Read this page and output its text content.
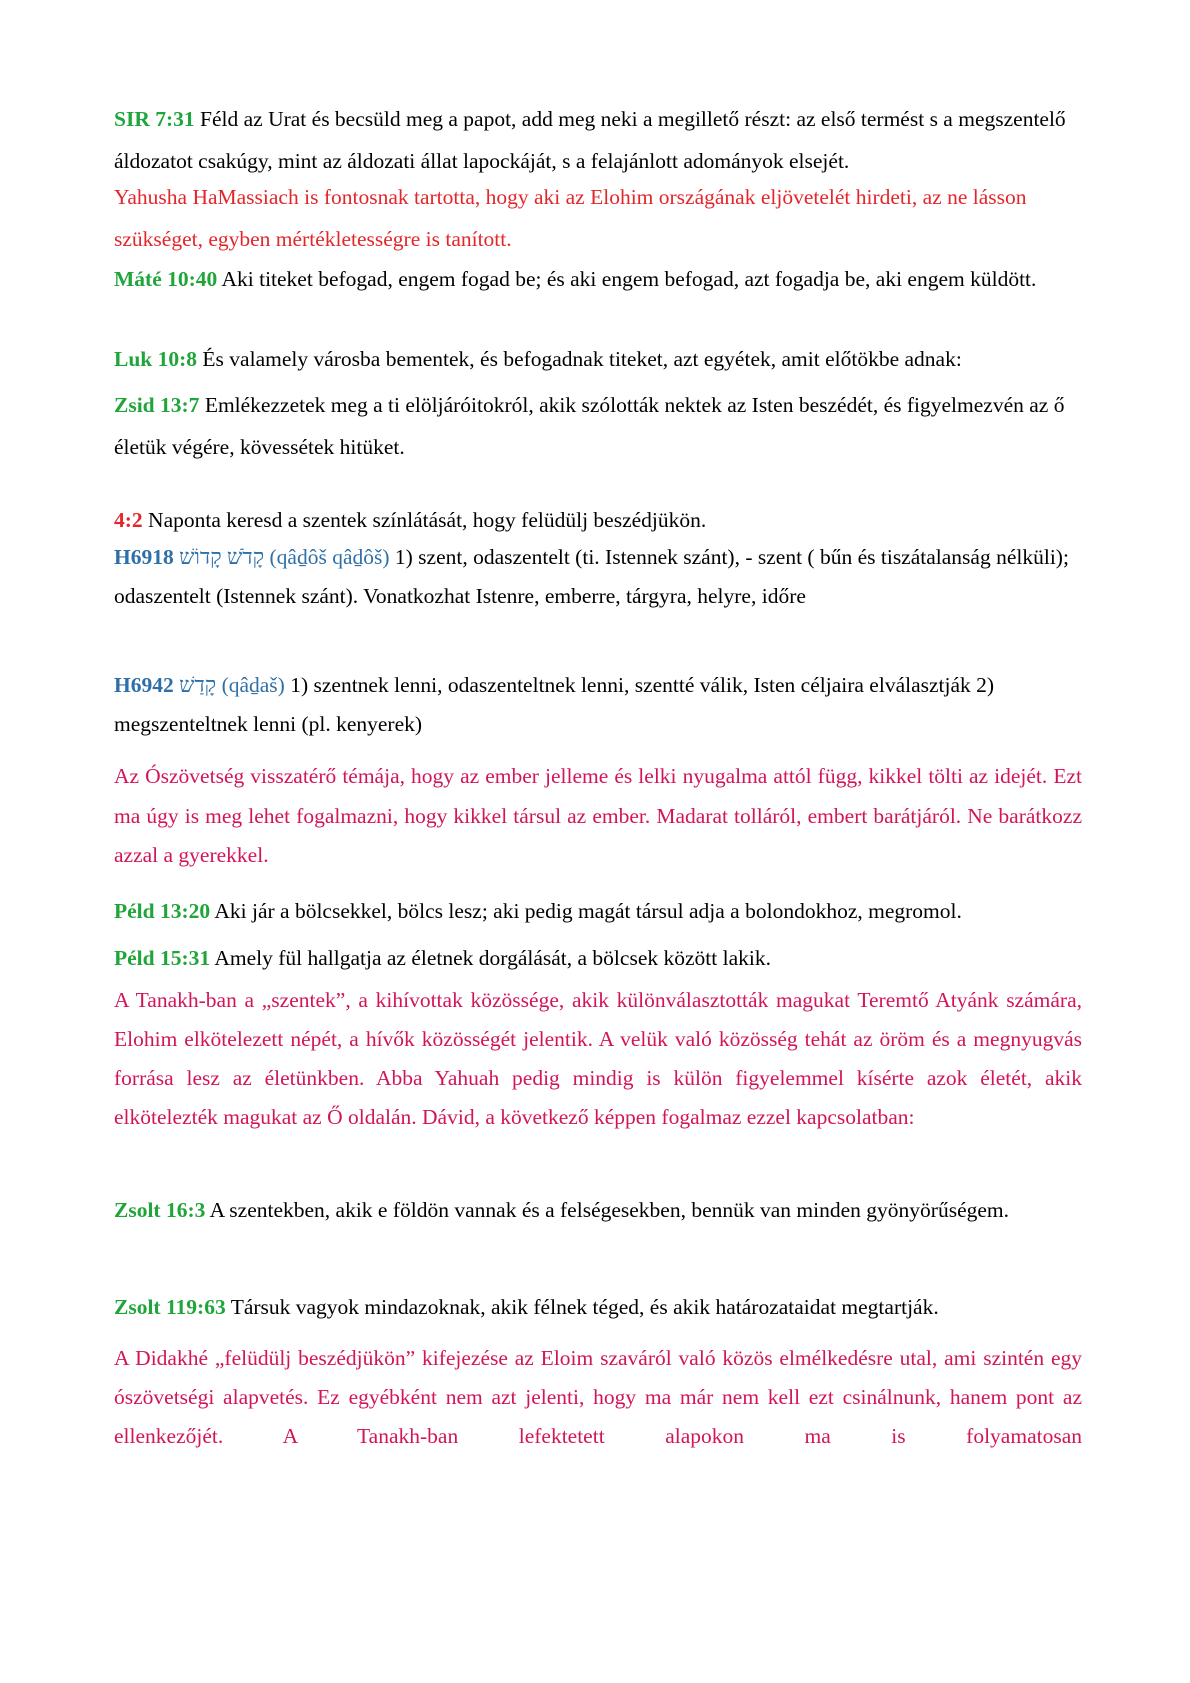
SIR 7:31 Féld az Urat és becsüld meg a papot, add meg neki a megillető részt: az első termést s a megszentelő áldozatot csakúgy, mint az áldozati állat lapockáját, s a felajánlott adományok elsejét.

Yahusha HaMassiach is fontosnak tartotta, hogy aki az Elohim országának eljövetelét hirdeti, az ne lásson szükséget, egyben mértékletességre is tanított.

Máté 10:40 Aki titeket befogad, engem fogad be; és aki engem befogad, azt fogadja be, aki engem küldött.

Luk 10:8 És valamely városba bementek, és befogadnak titeket, azt egyétek, amit előtökbe adnak:

Zsid 13:7 Emlékezzetek meg a ti elöljáróitokról, akik szólották nektek az Isten beszédét, és figyelmezvén az ő életük végére, kövessétek hitüket.

4:2 Naponta keresd a szentek színlátását, hogy felüdülj beszédjükön.

H6918 קָדֹשׁ קָדוֹשׁ (qâḏôš qâḏôš) 1) szent, odaszentelt (ti. Istennek szánt), - szent ( bűn és tiszátalanság nélküli); odaszentelt (Istennek szánt). Vonatkozhat Istenre, emberre, tárgyra, helyre, időre

H6942 קָדַשׁ (qâḏaš) 1) szentnek lenni, odaszenteltnek lenni, szentté válik, Isten céljaira elválasztják 2) megszenteltnek lenni (pl. kenyerek)

Az Ószövetség visszatérő témája, hogy az ember jelleme és lelki nyugalma attól függ, kikkel tölti az idejét. Ezt ma úgy is meg lehet fogalmazni, hogy kikkel társul az ember. Madarat tolláról, embert barátjáról. Ne barátkozz azzal a gyerekkel.

Péld 13:20 Aki jár a bölcsekkel, bölcs lesz; aki pedig magát társul adja a bolondokhoz, megromol.

Péld 15:31 Amely fül hallgatja az életnek dorgálását, a bölcsek között lakik.

A Tanakh-ban a „szentek”, a kihívottak közössége, akik különválasztották magukat Teremtő Atyánk számára, Elohim elkötelezett népét, a hívők közösségét jelentik. A velük való közösség tehát az öröm és a megnyugvás forrása lesz az életünkben. Abba Yahuah pedig mindig is külön figyelemmel kísérte azok életét, akik elkötelezték magukat az Ő oldalán. Dávid, a következő képpen fogalmaz ezzel kapcsolatban:

Zsolt 16:3 A szentekben, akik e földön vannak és a felségesekben, bennük van minden gyönyörűségem.

Zsolt 119:63 Társuk vagyok mindazoknak, akik félnek téged, és akik határozataidat megtartják.

A Didakhé „felüdülj beszédjükön” kifejezése az Eloim szaváról való közös elmélkedésre utal, ami szintén egy ószövetségi alapvetés. Ez egyébként nem azt jelenti, hogy ma már nem kell ezt csinálnunk, hanem pont az ellenkezőjét. A Tanakh-ban lefektetett alapokon ma is folyamatosan
